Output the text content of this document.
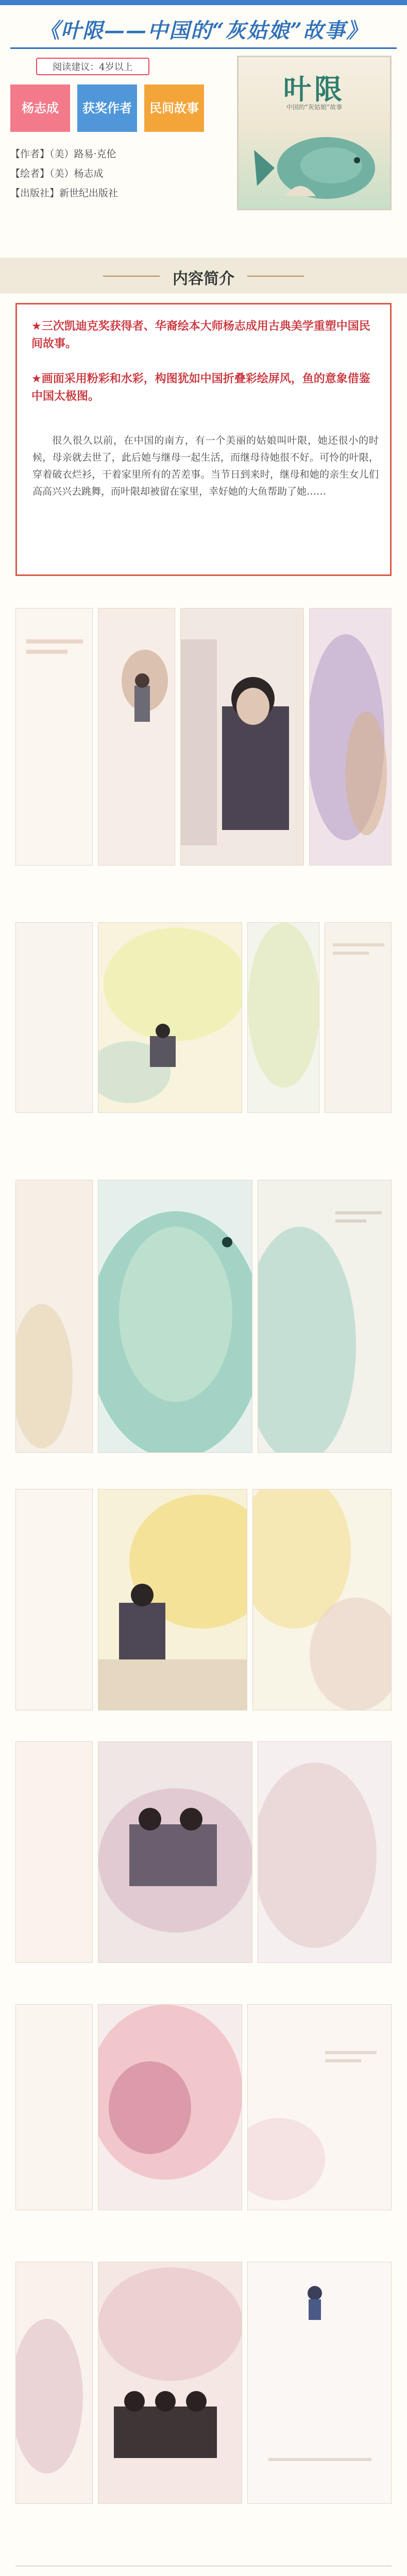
《叶限——中国的“灰姑娘”故事》
阅读建议：4岁以上
杨志成	获奖作者	民间故事
【作者】（美）路易·克伦
【绘者】（美）杨志成
【出版社】新世纪出版社
叶限
中国的“灰姑娘”故事
内容简介
★三次凯迪克奖获得者、华裔绘本大师杨志成用古典美学重塑中国民间故事。
★画面采用粉彩和水彩，构图犹如中国折叠彩绘屏风，鱼的意象借鉴中国太极图。
很久很久以前，在中国的南方，有一个美丽的姑娘叫叶限，她还很小的时候，母亲就去世了，此后她与继母一起生活，而继母待她很不好。可怜的叶限，穿着破衣烂衫，干着家里所有的苦差事。当节日到来时，继母和她的亲生女儿们高高兴兴去跳舞，而叶限却被留在家里，幸好她的大鱼帮助了她……
